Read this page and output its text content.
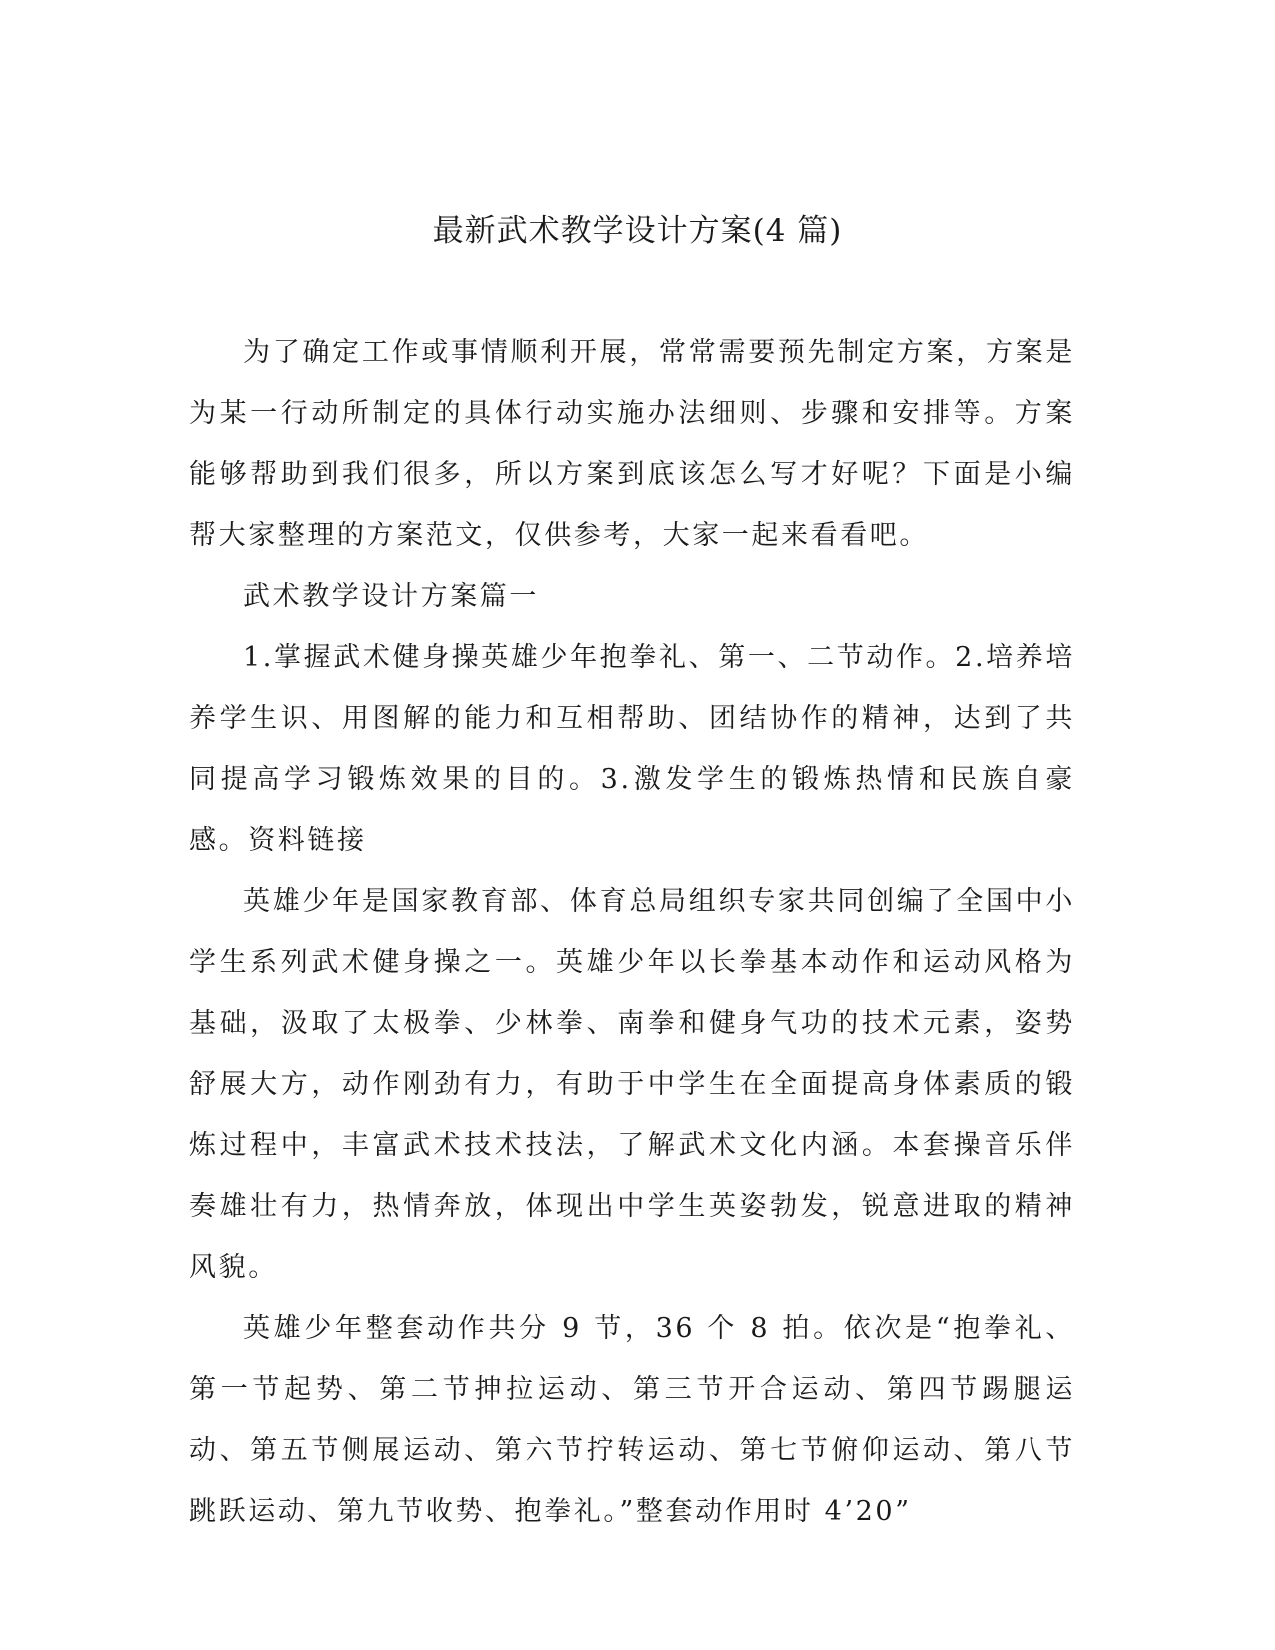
最新武术教学设计方案(4 篇)

为了确定工作或事情顺利开展，常常需要预先制定方案，方案是为某一行动所制定的具体行动实施办法细则、步骤和安排等。方案能够帮助到我们很多，所以方案到底该怎么写才好呢？下面是小编帮大家整理的方案范文，仅供参考，大家一起来看看吧。

武术教学设计方案篇一

1.掌握武术健身操英雄少年抱拳礼、第一、二节动作。2.培养培养学生识、用图解的能力和互相帮助、团结协作的精神，达到了共同提高学习锻炼效果的目的。3.激发学生的锻炼热情和民族自豪感。资料链接

英雄少年是国家教育部、体育总局组织专家共同创编了全国中小学生系列武术健身操之一。英雄少年以长拳基本动作和运动风格为基础，汲取了太极拳、少林拳、南拳和健身气功的技术元素，姿势舒展大方，动作刚劲有力，有助于中学生在全面提高身体素质的锻炼过程中，丰富武术技术技法，了解武术文化内涵。本套操音乐伴奏雄壮有力，热情奔放，体现出中学生英姿勃发，锐意进取的精神风貌。

英雄少年整套动作共分 9 节，36 个 8 拍。依次是“抱拳礼、第一节起势、第二节抻拉运动、第三节开合运动、第四节踢腿运动、第五节侧展运动、第六节拧转运动、第七节俯仰运动、第八节跳跃运动、第九节收势、抱拳礼。”整套动作用时 4’20”
